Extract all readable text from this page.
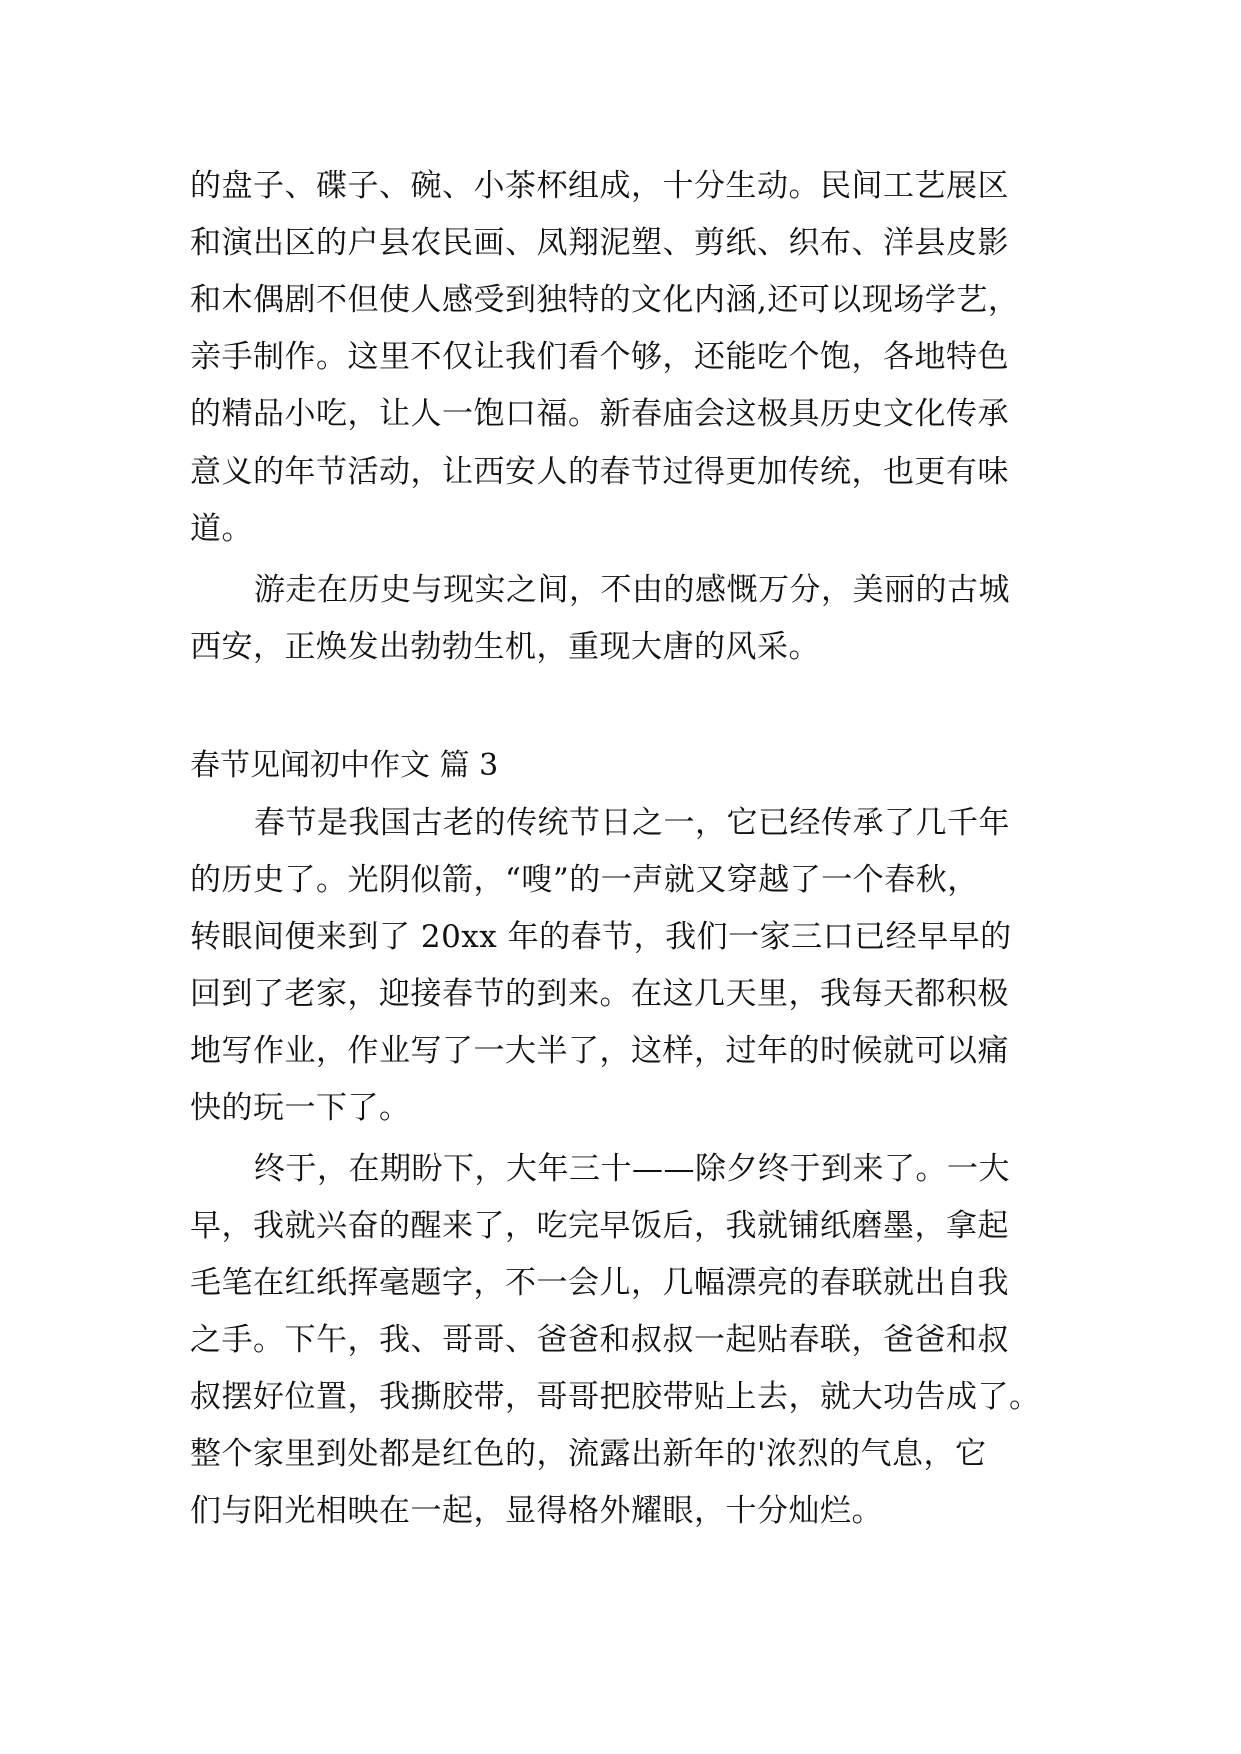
的盘子、碟子、碗、小茶杯组成，十分生动。民间工艺展区
和演出区的户县农民画、凤翔泥塑、剪纸、织布、洋县皮影
和木偶剧不但使人感受到独特的文化内涵,还可以现场学艺，
亲手制作。这里不仅让我们看个够，还能吃个饱，各地特色
的精品小吃，让人一饱口福。新春庙会这极具历史文化传承
意义的年节活动，让西安人的春节过得更加传统，也更有味
道。
游走在历史与现实之间，不由的感慨万分，美丽的古城
西安，正焕发出勃勃生机，重现大唐的风采。
春节见闻初中作文 篇 3
春节是我国古老的传统节日之一，它已经传承了几千年
的历史了。光阴似箭，“嗖”的一声就又穿越了一个春秋，
转眼间便来到了 20xx 年的春节，我们一家三口已经早早的
回到了老家，迎接春节的到来。在这几天里，我每天都积极
地写作业，作业写了一大半了，这样，过年的时候就可以痛
快的玩一下了。
终于，在期盼下，大年三十——除夕终于到来了。一大
早，我就兴奋的醒来了，吃完早饭后，我就铺纸磨墨，拿起
毛笔在红纸挥毫题字，不一会儿，几幅漂亮的春联就出自我
之手。下午，我、哥哥、爸爸和叔叔一起贴春联，爸爸和叔
叔摆好位置，我撕胶带，哥哥把胶带贴上去，就大功告成了。
整个家里到处都是红色的，流露出新年的'浓烈的气息，它
们与阳光相映在一起，显得格外耀眼，十分灿烂。
